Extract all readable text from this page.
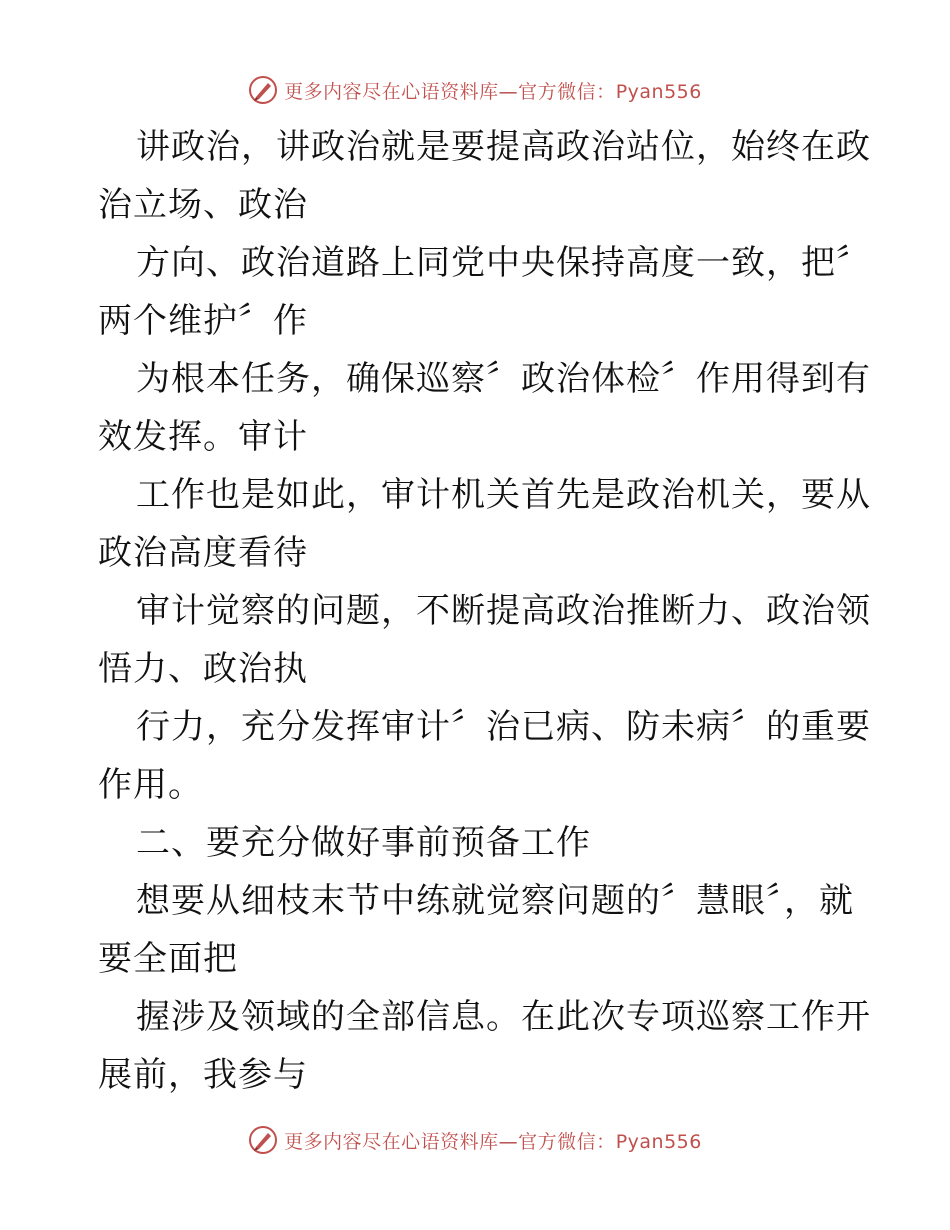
更多内容尽在心语资料库—官方微信：Pyan556
讲政治，讲政治就是要提高政治站位，始终在政
治立场、政治
方向、政治道路上同党中央保持高度一致，把〞
两个维护〞作
为根本任务，确保巡察〞政治体检〞作用得到有
效发挥。审计
工作也是如此，审计机关首先是政治机关，要从
政治高度看待
审计觉察的问题，不断提高政治推断力、政治领
悟力、政治执
行力，充分发挥审计〞治已病、防未病〞的重要
作用。
二、要充分做好事前预备工作
想要从细枝末节中练就觉察问题的〞慧眼〞，就
要全面把
握涉及领域的全部信息。在此次专项巡察工作开
展前，我参与
更多内容尽在心语资料库—官方微信：Pyan556
